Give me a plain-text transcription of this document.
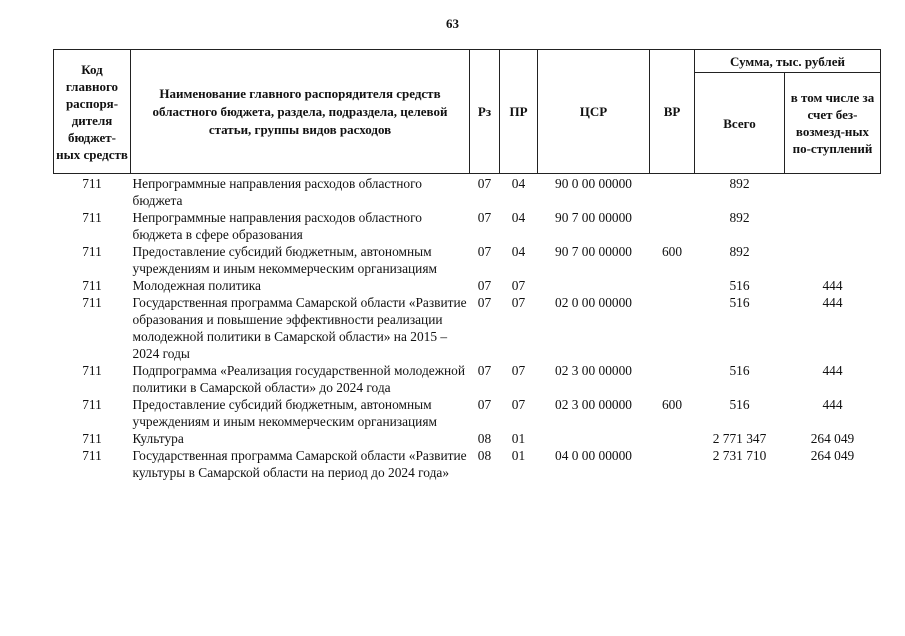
63
Код главного распоря-дителя бюджет-ных средств	Наименование главного распорядителя средств областного бюджета, раздела, подраздела, целевой статьи, группы видов расходов	Рз	ПР	ЦСР	ВР	Сумма, тыс. рублей	
						Всего	в том числе за счет без-возмезд-ных по-ступлений
711	Непрограммные направления расходов областного бюджета	07	04	90 0 00 00000		892	
711	Непрограммные направления расходов областного бюджета в сфере образования	07	04	90 7 00 00000		892	
711	Предоставление субсидий бюджетным, автономным учреждениям и иным некоммерческим организациям	07	04	90 7 00 00000	600	892	
711	Молодежная политика	07	07			516	444
711	Государственная программа Самарской области «Развитие образования и повышение эффективности реализации молодежной политики в Самарской области» на 2015 – 2024 годы	07	07	02 0 00 00000		516	444
711	Подпрограмма «Реализация государственной молодежной политики в Самарской области» до 2024 года	07	07	02 3 00 00000		516	444
711	Предоставление субсидий бюджетным, автономным учреждениям и иным некоммерческим организациям	07	07	02 3 00 00000	600	516	444
711	Культура	08	01			2 771 347	264 049
711	Государственная программа Самарской области «Развитие культуры в Самарской области на период до 2024 года»	08	01	04 0 00 00000		2 731 710	264 049
